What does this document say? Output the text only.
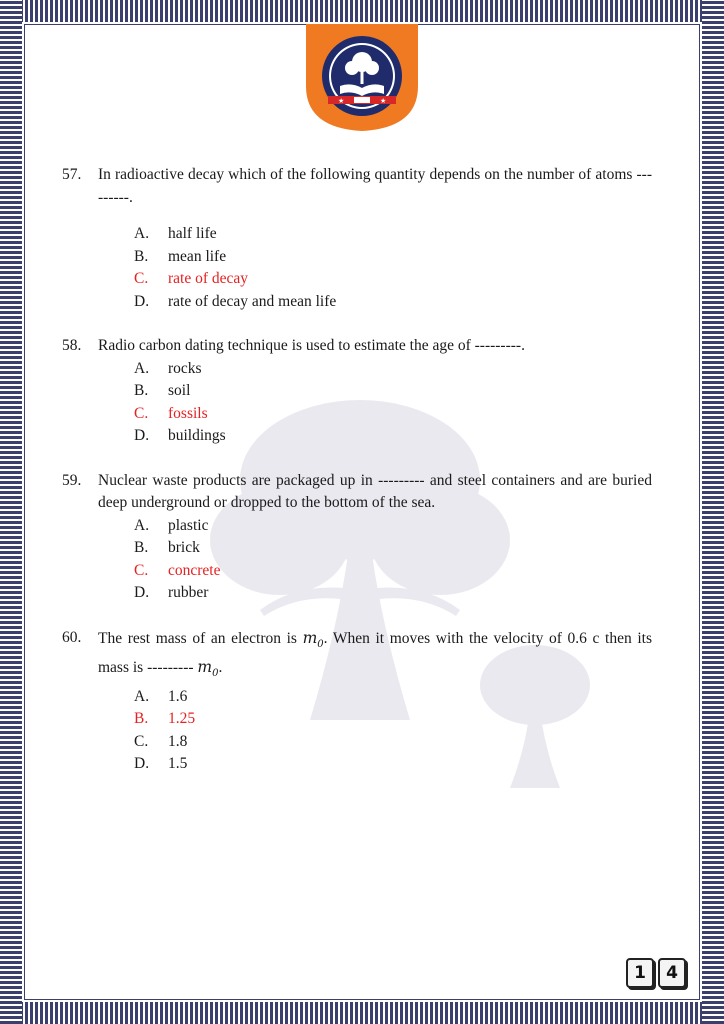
★	★
57.	In radioactive decay which of the following quantity depends on the number of atoms ---------.
A.	half life
B.	mean life
C.	rate of decay
D.	rate of decay and mean life
58.	Radio carbon dating technique is used to estimate the age of ---------.
A.	rocks
B.	soil
C.	fossils
D.	buildings
59.	Nuclear waste products are packaged up in --------- and steel containers and are buried deep underground or dropped to the bottom of the sea.
A.	plastic
B.	brick
C.	concrete
D.	rubber
60.	The rest mass of an electron is $m_0$. When it moves with the velocity of 0.6 c then its mass is --------- $m_0$.
A.	1.6
B.	1.25
C.	1.8
D.	1.5
1	4
